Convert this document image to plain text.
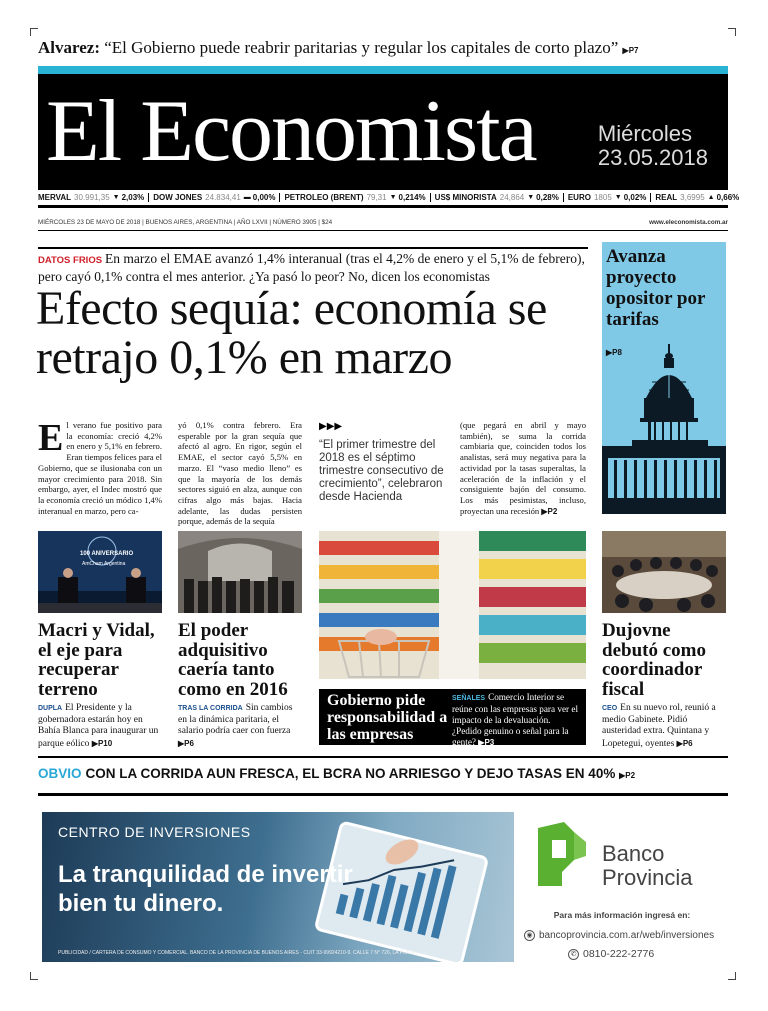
Alvarez: “El Gobierno puede reabrir paritarias y regular los capitales de corto plazo” ▶P7
El Economista	Miércoles
23.05.2018
MERVAL 30.991,35 ▼ 2,03% DOW JONES 24.834,41 ▬ 0,00% PETROLEO (BRENT) 79,31 ▼ 0,214% US$ MINORISTA 24,864 ▼ 0,28% EURO 1805 ▼ 0,02% REAL 3,6995 ▲ 0,66%
MIÉRCOLES 23 DE MAYO DE 2018 | BUENOS AIRES, ARGENTINA | AÑO LXVII | NÚMERO 3905 | $24	www.eleconomista.com.ar
DATOS FRIOS En marzo el EMAE avanzó 1,4% interanual (tras el 4,2% de enero y el 5,1% de febrero), pero cayó 0,1% contra el mes anterior. ¿Ya pasó lo peor? No, dicen los economistas
Efecto sequía: economía se retrajo 0,1% en marzo
El verano fue positivo para la economía: creció 4,2% en enero y 5,1% en febrero. Eran tiempos felices para el Gobierno, que se ilusionaba con un mayor crecimiento para 2018. Sin embargo, ayer, el Indec mostró que la economía creció un módico 1,4% interanual en marzo, pero ca-
yó 0,1% contra febrero. Era esperable por la gran sequía que afectó al agro. En rigor, según el EMAE, el sector cayó 5,5% en marzo. El “vaso medio lleno” es que la mayoría de los demás sectores siguió en alza, aunque con cifras algo más bajas. Hacia adelante, las dudas persisten porque, además de la sequía
▶▶▶
“El primer trimestre del 2018 es el séptimo trimestre consecutivo de crecimiento”, celebraron desde Hacienda
(que pegará en abril y mayo también), se suma la corrida cambiaria que, coinciden todos los analistas, será muy negativa para la actividad por la tasas superaltas, la aceleración de la inflación y el consiguiente bajón del consumo. Los más pesimistas, incluso, proyectan una recesión ▶P2
Avanza proyecto opositor por tarifas
▶P8
100 ANIVERSARIO
AmCham Argentina
Macri y Vidal, el eje para recuperar terreno
DUPLA El Presidente y la gobernadora estarán hoy en Bahía Blanca para inaugurar un parque eólico ▶P10
El poder adquisitivo caería tanto como en 2016
TRAS LA CORRIDA Sin cambios en la dinámica paritaria, el salario podría caer con fuerza ▶P6
Gobierno pide responsabilidad a las empresas
SEÑALES Comercio Interior se reúne con las empresas para ver el impacto de la devaluación. ¿Pedido genuino o señal para la gente? ▶P3
Dujovne debutó como coordinador fiscal
CEO En su nuevo rol, reunió a medio Gabinete. Pidió austeridad extra. Quintana y Lopetegui, oyentes ▶P6
OBVIO CON LA CORRIDA AUN FRESCA, EL BCRA NO ARRIESGO Y DEJO TASAS EN 40% ▶P2
CENTRO DE INVERSIONES
La tranquilidad de invertir bien tu dinero.
PUBLICIDAD / CARTERA DE CONSUMO Y COMERCIAL. BANCO DE LA PROVINCIA DE BUENOS AIRES - CUIT 33-99924210-9. CALLE 7 N° 726, LA PLATA.
Banco
Provincia
Para más información ingresá en:
◉ bancoprovincia.com.ar/web/inversiones
✆ 0810-222-2776
